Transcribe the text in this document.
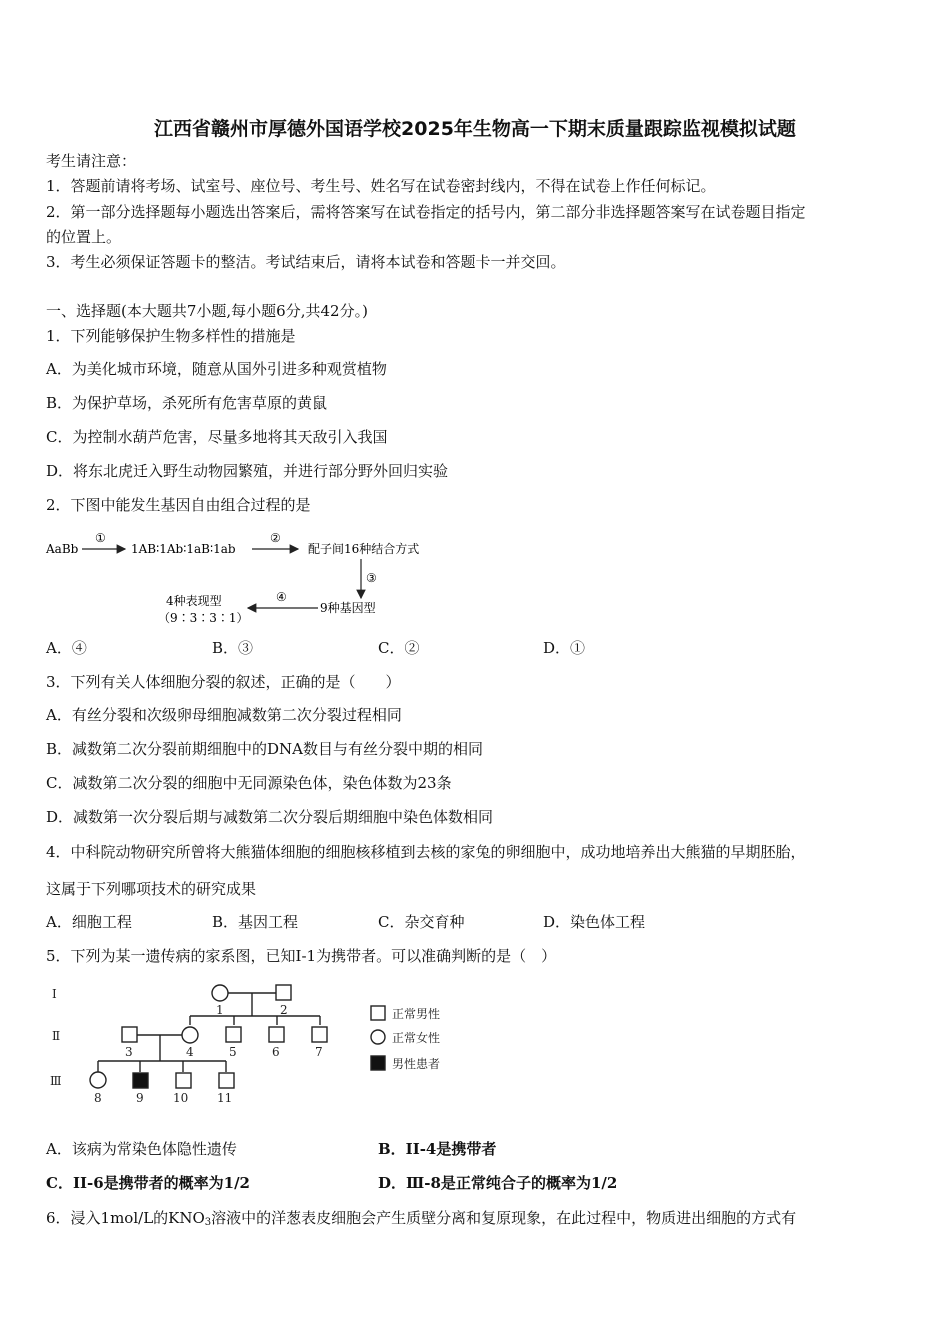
江西省赣州市厚德外国语学校2025年生物高一下期末质量跟踪监视模拟试题
考生请注意：
1．答题前请将考场、试室号、座位号、考生号、姓名写在试卷密封线内，不得在试卷上作任何标记。
2．第一部分选择题每小题选出答案后，需将答案写在试卷指定的括号内，第二部分非选择题答案写在试卷题目指定
的位置上。
3．考生必须保证答题卡的整洁。考试结束后，请将本试卷和答题卡一并交回。
一、选择题(本大题共7小题,每小题6分,共42分。)
1．下列能够保护生物多样性的措施是
A．为美化城市环境，随意从国外引进多种观赏植物
B．为保护草场，杀死所有危害草原的黄鼠
C．为控制水葫芦危害，尽量多地将其天敌引入我国
D．将东北虎迁入野生动物园繁殖，并进行部分野外回归实验
2．下图中能发生基因自由组合过程的是
AaBb
①
1AB∶1Ab∶1aB∶1ab
②
配子间16种结合方式
③
9种基因型
④
4种表现型
（9∶3∶3∶1）
A．④	B．③	C．②	D．①
3．下列有关人体细胞分裂的叙述，正确的是（　　）
A．有丝分裂和次级卵母细胞减数第二次分裂过程相同
B．减数第二次分裂前期细胞中的DNA数目与有丝分裂中期的相同
C．减数第二次分裂的细胞中无同源染色体，染色体数为23条
D．减数第一次分裂后期与减数第二次分裂后期细胞中染色体数相同
4．中科院动物研究所曾将大熊猫体细胞的细胞核移植到去核的家兔的卵细胞中，成功地培养出大熊猫的早期胚胎，
这属于下列哪项技术的研究成果
A．细胞工程	B．基因工程	C．杂交育种	D．染色体工程
5．下列为某一遗传病的家系图，已知I-1为携带者。可以准确判断的是（　）
Ⅰ
Ⅱ
Ⅲ
1	2
3	4	5	6	7
8	9 10 11
正常男性
正常女性
男性患者
A．该病为常染色体隐性遗传	B．II-4是携带者
C．II-6是携带者的概率为1/2	D．Ⅲ-8是正常纯合子的概率为1/2
6．浸入1mol/L的$KNO_3$溶液中的洋葱表皮细胞会产生质壁分离和复原现象，在此过程中，物质进出细胞的方式有
